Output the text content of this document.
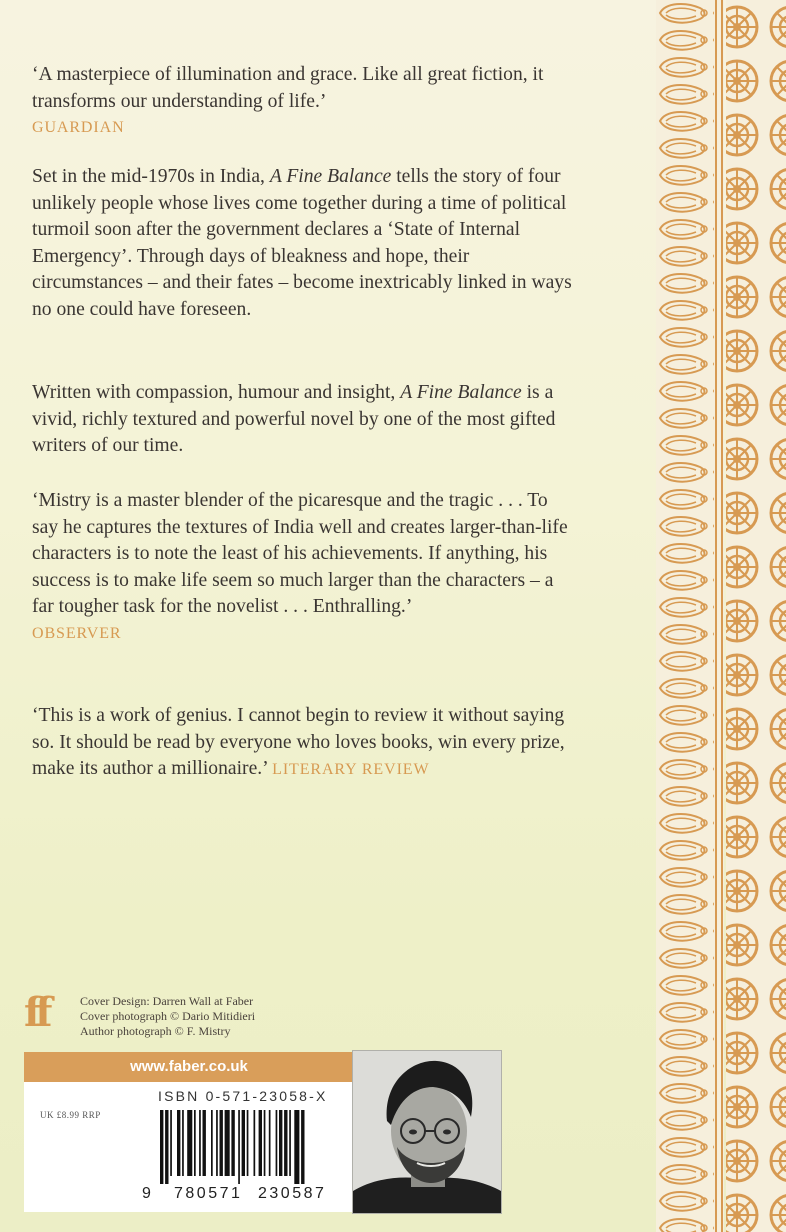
‘A masterpiece of illumination and grace. Like all great fiction, it transforms our understanding of life.’

GUARDIAN

Set in the mid-1970s in India, A Fine Balance tells the story of four unlikely people whose lives come together during a time of political turmoil soon after the government declares a ‘State of Internal Emergency’. Through days of bleakness and hope, their circumstances – and their fates – become inextricably linked in ways no one could have foreseen.

Written with compassion, humour and insight, A Fine Balance is a vivid, richly textured and powerful novel by one of the most gifted writers of our time.

‘Mistry is a master blender of the picaresque and the tragic . . . To say he captures the textures of India well and creates larger-than-life characters is to note the least of his achievements. If anything, his success is to make life seem so much larger than the characters – a far tougher task for the novelist . . . Enthralling.’

OBSERVER

‘This is a work of genius. I cannot begin to review it without saying so. It should be read by everyone who loves books, win every prize, make its author a millionaire.’ LITERARY REVIEW

ff	Cover Design: Darren Wall at Faber
Cover photograph © Dario Mitidieri
Author photograph © F. Mistry
www.faber.co.uk
ISBN 0-571-23058-X
UK £8.99 RRP
9 780571 230587
